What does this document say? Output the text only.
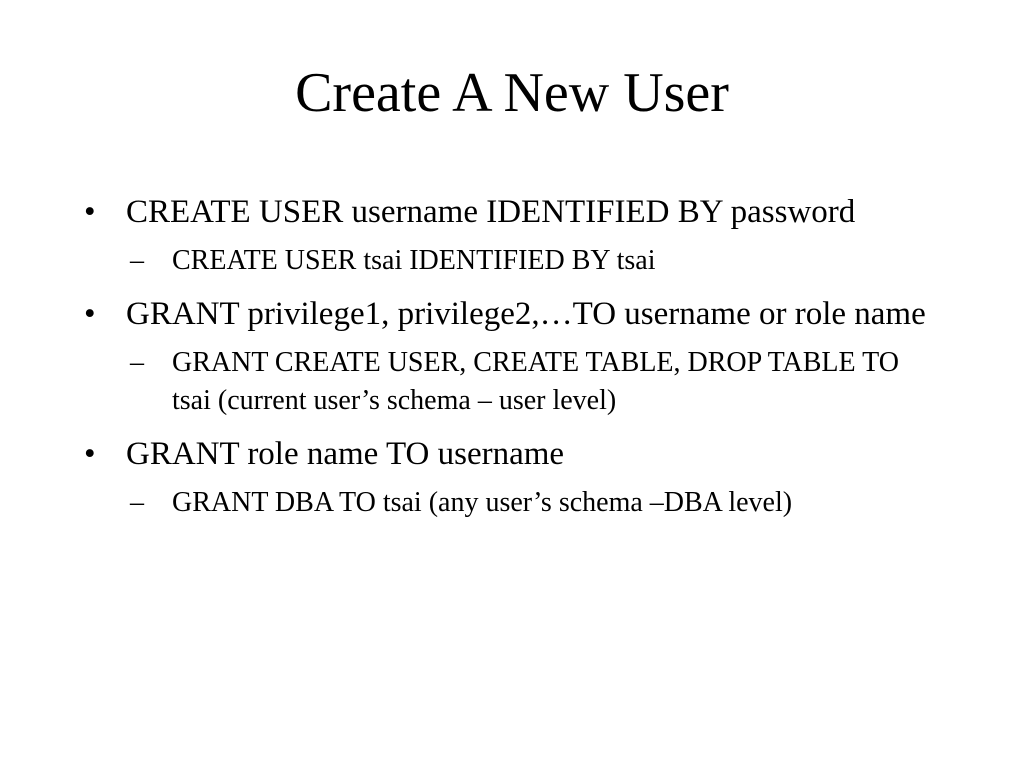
Create A New User
• CREATE USER username IDENTIFIED BY password
–	CREATE USER tsai IDENTIFIED BY tsai
• GRANT privilege1, privilege2,…TO username or role name
–	GRANT CREATE USER, CREATE TABLE, DROP TABLE TO tsai (current user’s schema – user level)
• GRANT role name TO username
–	GRANT DBA TO tsai (any user’s schema –DBA level)
